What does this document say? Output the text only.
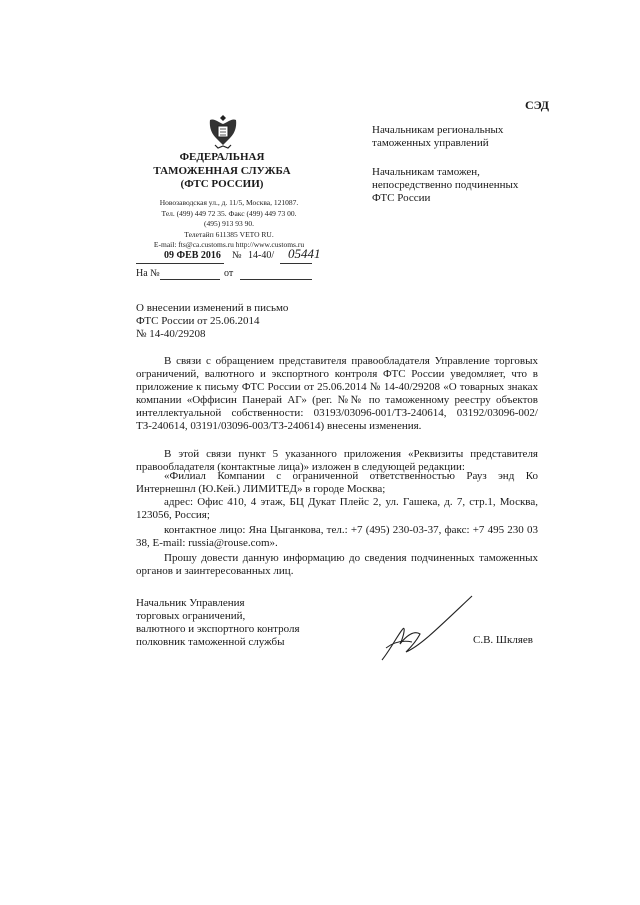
СЭД
ФЕДЕРАЛЬНАЯ
ТАМОЖЕННАЯ СЛУЖБА
(ФТС РОССИИ)
Новозаводская ул., д. 11/5, Москва, 121087.
Тел. (499) 449 72 35. Факс (499) 449 73 00.
(495) 913 93 90.
Телетайп 611385 VETO RU.
E-mail: fts@ca.customs.ru http://www.customs.ru
09 ФЕВ 2016 № 14-40/ 05441
На №	от
Начальникам региональных
таможенных управлений
Начальникам таможен,
непосредственно подчиненных
ФТС России
О внесении изменений в письмо
ФТС России от 25.06.2014
№ 14-40/29208
В связи с обращением представителя правообладателя Управление торговых ограничений, валютного и экспортного контроля ФТС России уведомляет, что в приложение к письму ФТС России от 25.06.2014 № 14-40/29208 «О товарных знаках компании «Оффисин Панерай АГ» (рег. №№ по таможенному реестру объектов интеллектуальной собственности: 03193/03096-001/ТЗ-240614, 03192/03096-002/ТЗ-240614, 03191/03096-003/ТЗ-240614) внесены изменения.
В этой связи пункт 5 указанного приложения «Реквизиты представителя правообладателя (контактные лица)» изложен в следующей редакции:
«Филиал Компании с ограниченной ответственностью Рауз энд Ко Интернешнл (Ю.Кей.) ЛИМИТЕД» в городе Москва;
адрес: Офис 410, 4 этаж, БЦ Дукат Плейс 2, ул. Гашека, д. 7, стр.1, Москва, 123056, Россия;
контактное лицо: Яна Цыганкова, тел.: +7 (495) 230-03-37, факс: +7 495 230 03 38, E-mail: russia@rouse.com».
Прошу довести данную информацию до сведения подчиненных таможенных органов и заинтересованных лиц.
Начальник Управления
торговых ограничений,
валютного и экспортного контроля
полковник таможенной службы	С.В. Шкляев
